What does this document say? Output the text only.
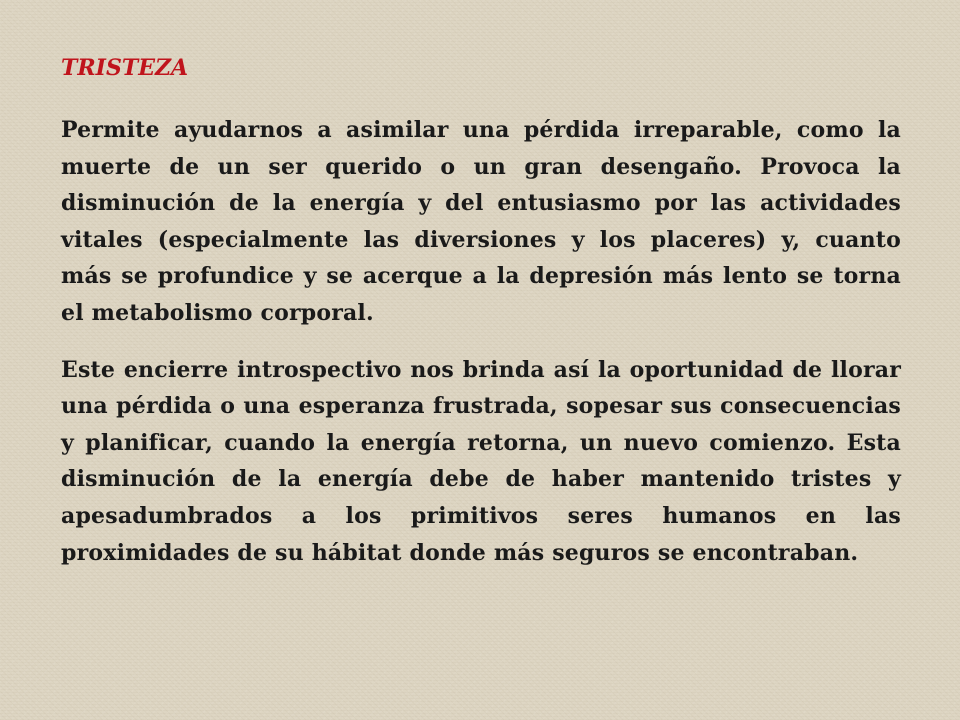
TRISTEZA

Permite ayudarnos a asimilar una pérdida irreparable, como la muerte de un ser querido o un gran desengaño. Provoca la disminución de la energía y del entusiasmo por las actividades vitales (especialmente las diversiones y los placeres) y, cuanto más se profundice y se acerque a la depresión más lento se torna el metabolismo corporal.

Este encierre introspectivo nos brinda así la oportunidad de llorar una pérdida o una esperanza frustrada, sopesar sus consecuencias y planificar, cuando la energía retorna, un nuevo comienzo. Esta disminución de la energía debe de haber mantenido tristes y apesadumbrados a los primitivos seres humanos en las proximidades de su hábitat donde más seguros se encontraban.
